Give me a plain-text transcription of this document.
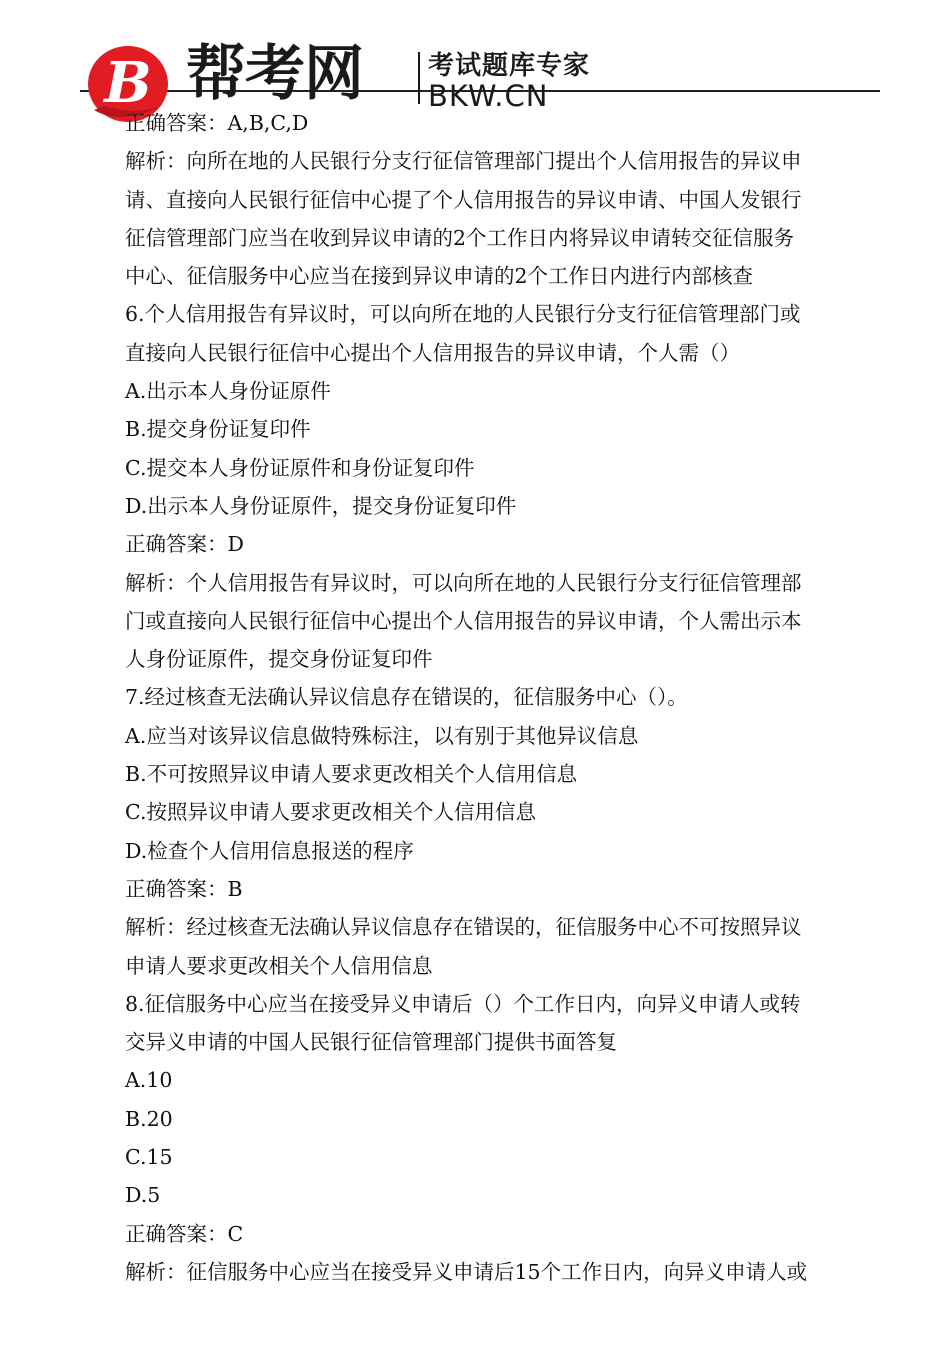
B 帮考网	考试题库专家
BKW.CN
正确答案：A,B,C,D
解析：向所在地的人民银行分支行征信管理部门提出个人信用报告的异议申
请、直接向人民银行征信中心提了个人信用报告的异议申请、中国人发银行
征信管理部门应当在收到异议申请的2个工作日内将异议申请转交征信服务
中心、征信服务中心应当在接到异议申请的2个工作日内进行内部核查
6.个人信用报告有异议时，可以向所在地的人民银行分支行征信管理部门或
直接向人民银行征信中心提出个人信用报告的异议申请，个人需（）
A.出示本人身份证原件
B.提交身份证复印件
C.提交本人身份证原件和身份证复印件
D.出示本人身份证原件，提交身份证复印件
正确答案：D
解析：个人信用报告有异议时，可以向所在地的人民银行分支行征信管理部
门或直接向人民银行征信中心提出个人信用报告的异议申请，个人需出示本
人身份证原件，提交身份证复印件
7.经过核查无法确认异议信息存在错误的，征信服务中心（）。
A.应当对该异议信息做特殊标注，以有别于其他异议信息
B.不可按照异议申请人要求更改相关个人信用信息
C.按照异议申请人要求更改相关个人信用信息
D.检查个人信用信息报送的程序
正确答案：B
解析：经过核查无法确认异议信息存在错误的，征信服务中心不可按照异议
申请人要求更改相关个人信用信息
8.征信服务中心应当在接受异义申请后（）个工作日内，向异义申请人或转
交异义申请的中国人民银行征信管理部门提供书面答复
A.10
B.20
C.15
D.5
正确答案：C
解析：征信服务中心应当在接受异义申请后15个工作日内，向异义申请人或
